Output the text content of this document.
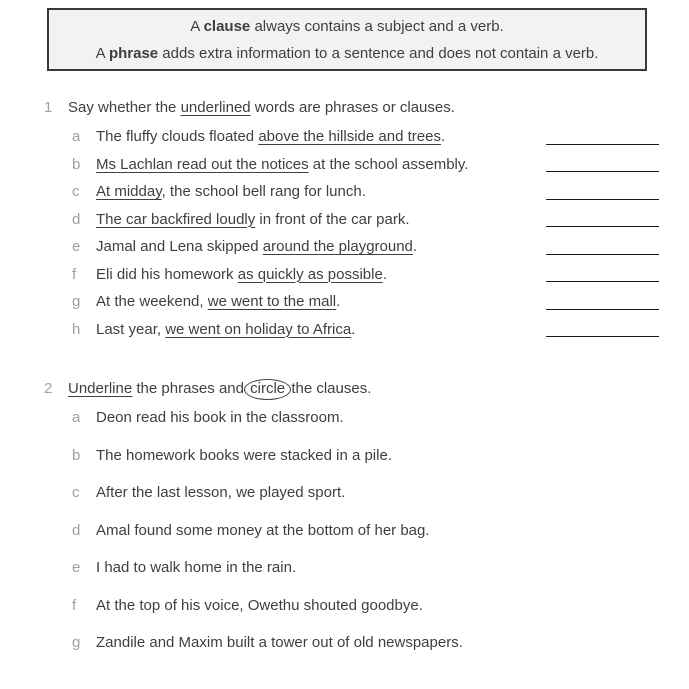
A clause always contains a subject and a verb.

A phrase adds extra information to a sentence and does not contain a verb.

1	Say whether the underlined words are phrases or clauses.
a	The fluffy clouds floated above the hillside and trees.
b	Ms Lachlan read out the notices at the school assembly.
c	At midday, the school bell rang for lunch.
d	The car backfired loudly in front of the car park.
e	Jamal and Lena skipped around the playground.
f	Eli did his homework as quickly as possible.
g	At the weekend, we went to the mall.
h	Last year, we went on holiday to Africa.
2	Underline the phrases and circle the clauses.
a	Deon read his book in the classroom.
b	The homework books were stacked in a pile.
c	After the last lesson, we played sport.
d	Amal found some money at the bottom of her bag.
e	I had to walk home in the rain.
f	At the top of his voice, Owethu shouted goodbye.
g	Zandile and Maxim built a tower out of old newspapers.
